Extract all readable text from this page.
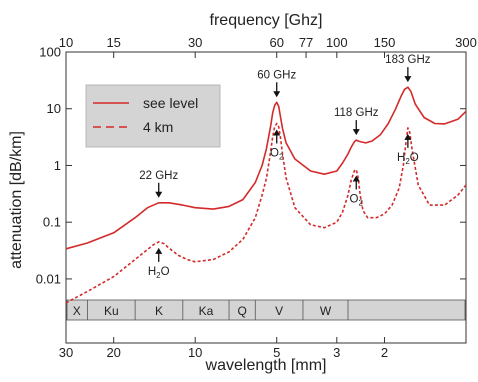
frequency [Ghz]
wavelength [mm]
attenuation [dB/km]
X Ku	K	Ka Q V	W
10	15	30	60 77 100 150	300
30	20	10	5	3	2
100
10
1
0.1
0.01
22 GHz
60 GHz
118 GHz
183 GHz
$H_2O$
$O_2$
$O_2$
$H_2O$
see level
4 km
